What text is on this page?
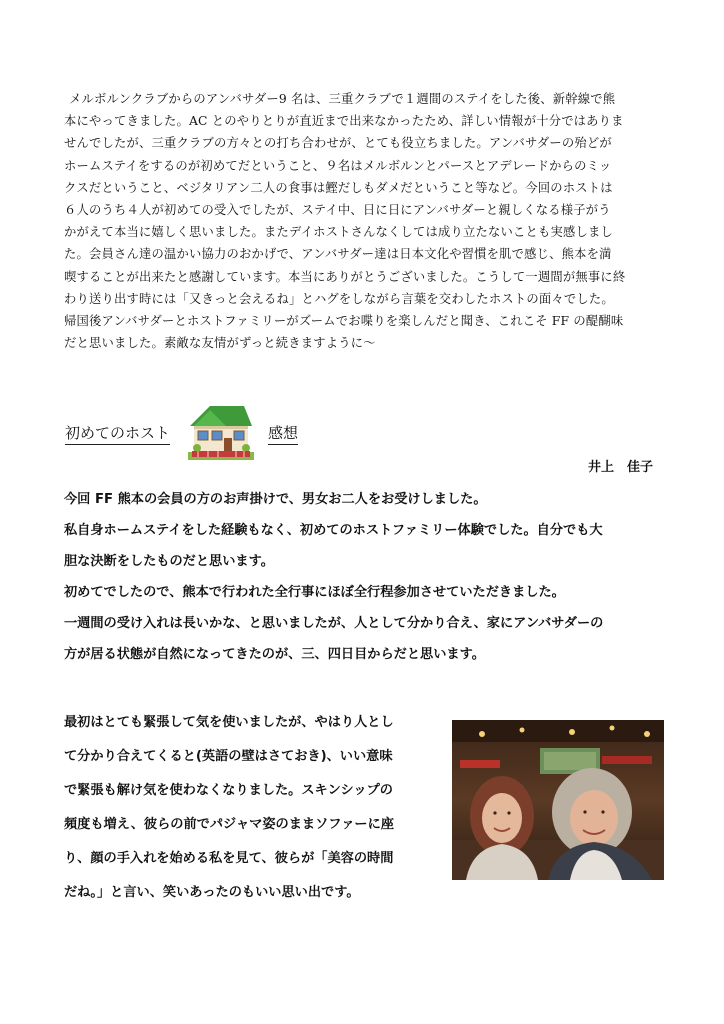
メルボルンクラブからのアンバサダー9 名は、三重クラブで１週間のステイをした後、新幹線で熊
本にやってきました。AC とのやりとりが直近まで出来なかったため、詳しい情報が十分ではありま
せんでしたが、三重クラブの方々との打ち合わせが、とても役立ちました。アンバサダーの殆どが
ホームステイをするのが初めてだということ、９名はメルボルンとパースとアデレードからのミッ
クスだということ、ベジタリアン二人の食事は鰹だしもダメだということ等など。今回のホストは
６人のうち４人が初めての受入でしたが、ステイ中、日に日にアンバサダーと親しくなる様子がう
かがえて本当に嬉しく思いました。またデイホストさんなくしては成り立たないことも実感しまし
た。会員さん達の温かい協力のおかげで、アンバサダー達は日本文化や習慣を肌で感じ、熊本を満
喫することが出来たと感謝しています。本当にありがとうございました。こうして一週間が無事に終
わり送り出す時には「又きっと会えるね」とハグをしながら言葉を交わしたホストの面々でした。
帰国後アンバサダーとホストファミリーがズームでお喋りを楽しんだと聞き、これこそ FF の醍醐味
だと思いました。素敵な友情がずっと続きますように～
初めてのホスト	感想
井上　佳子
今回 FF 熊本の会員の方のお声掛けで、男女お二人をお受けしました。
私自身ホームステイをした経験もなく、初めてのホストファミリー体験でした。自分でも大
胆な決断をしたものだと思います。
初めてでしたので、熊本で行われた全行事にほぼ全行程参加させていただきました。
一週間の受け入れは長いかな、と思いましたが、人として分かり合え、家にアンバサダーの
方が居る状態が自然になってきたのが、三、四日目からだと思います。
最初はとても緊張して気を使いましたが、やはり人とし
て分かり合えてくると(英語の壁はさておき)、いい意味
で緊張も解け気を使わなくなりました。スキンシップの
頻度も増え、彼らの前でパジャマ姿のままソファーに座
り、顔の手入れを始める私を見て、彼らが「美容の時間
だね。」と言い、笑いあったのもいい思い出です。
